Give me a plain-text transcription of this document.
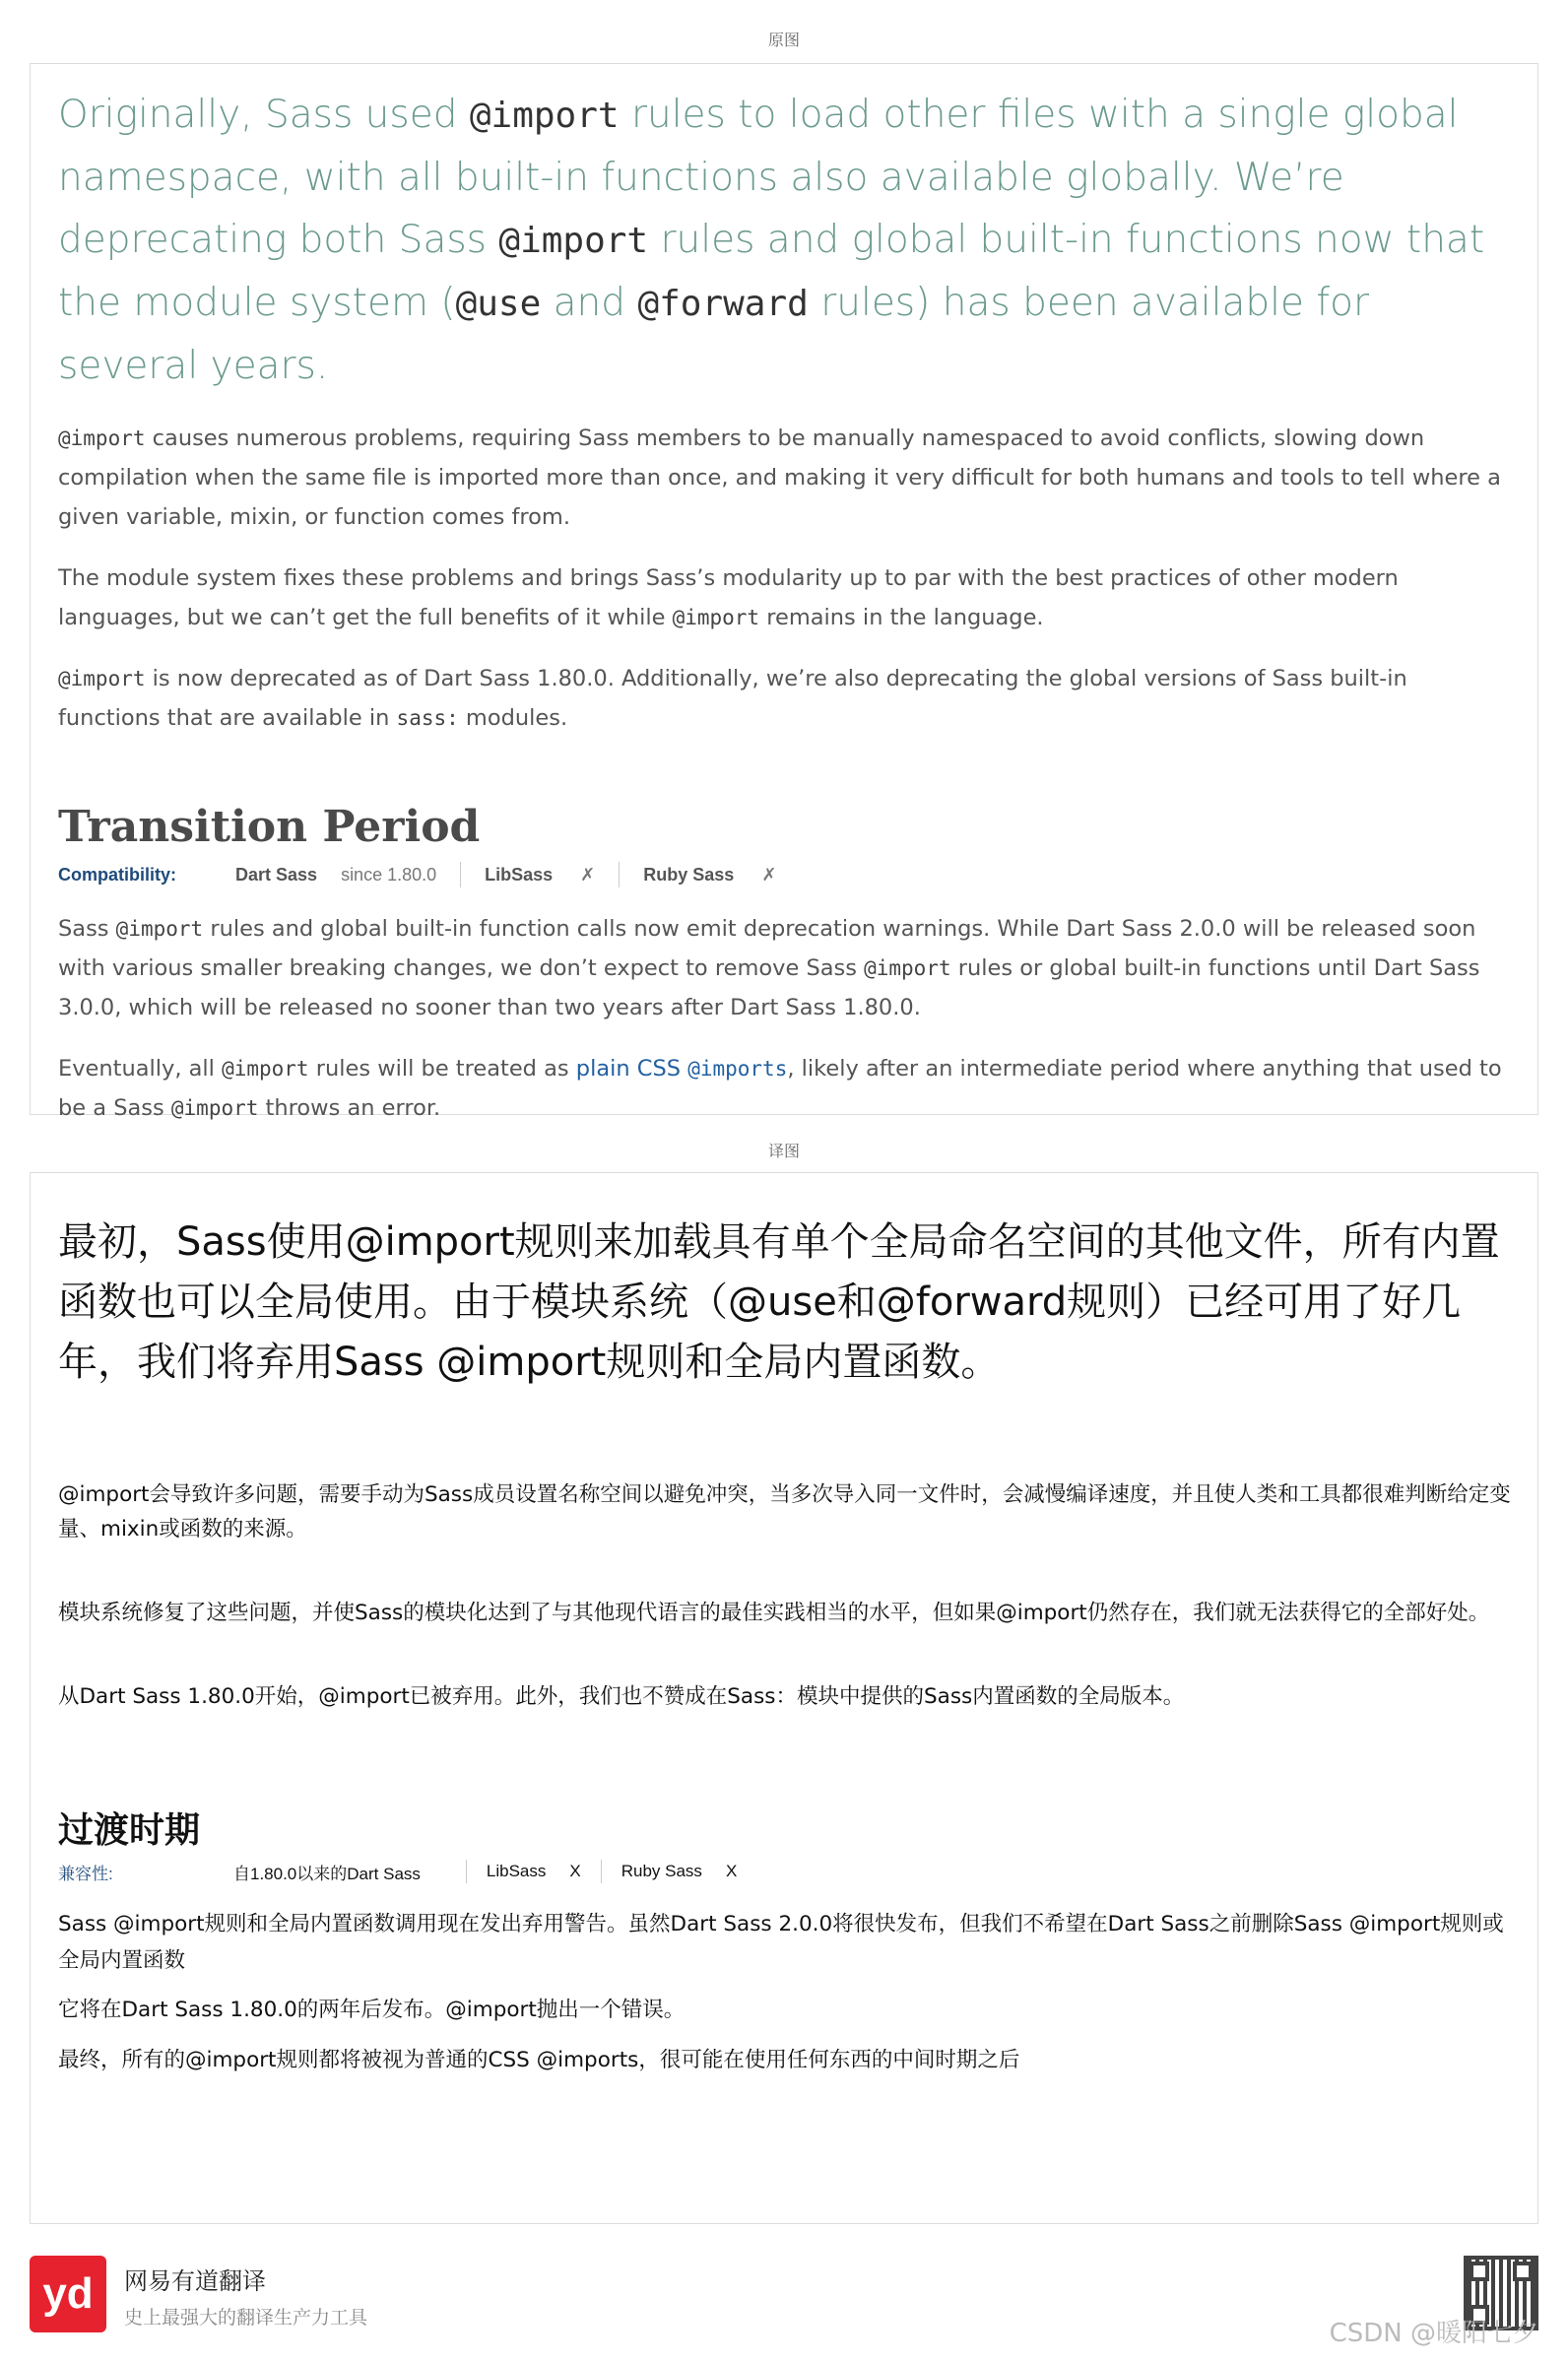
原图

Originally, Sass used @import rules to load other files with a single global namespace, with all built-in functions also available globally. We’re deprecating both Sass @import rules and global built-in functions now that the module system (@use and @forward rules) has been available for several years.

@import causes numerous problems, requiring Sass members to be manually namespaced to avoid conflicts, slowing down compilation when the same file is imported more than once, and making it very difficult for both humans and tools to tell where a given variable, mixin, or function comes from.

The module system fixes these problems and brings Sass’s modularity up to par with the best practices of other modern languages, but we can’t get the full benefits of it while @import remains in the language.

@import is now deprecated as of Dart Sass 1.80.0. Additionally, we’re also deprecating the global versions of Sass built-in functions that are available in sass: modules.

Transition Period
Compatibility:	Dart Sass since 1.80.0	LibSass ✗	Ruby Sass ✗

Sass @import rules and global built-in function calls now emit deprecation warnings. While Dart Sass 2.0.0 will be released soon with various smaller breaking changes, we don’t expect to remove Sass @import rules or global built-in functions until Dart Sass 3.0.0, which will be released no sooner than two years after Dart Sass 1.80.0.

Eventually, all @import rules will be treated as plain CSS @imports, likely after an intermediate period where anything that used to be a Sass @import throws an error.

译图

最初，Sass使用@import规则来加载具有单个全局命名空间的其他文件，所有内置函数也可以全局使用。由于模块系统（@use和@forward规则）已经可用了好几年，我们将弃用Sass @import规则和全局内置函数。

@import会导致许多问题，需要手动为Sass成员设置名称空间以避免冲突，当多次导入同一文件时，会减慢编译速度，并且使人类和工具都很难判断给定变量、mixin或函数的来源。

模块系统修复了这些问题，并使Sass的模块化达到了与其他现代语言的最佳实践相当的水平，但如果@import仍然存在，我们就无法获得它的全部好处。

从Dart Sass 1.80.0开始，@import已被弃用。此外，我们也不赞成在Sass：模块中提供的Sass内置函数的全局版本。

过渡时期
兼容性:	自1.80.0以来的Dart Sass	LibSass X Ruby Sass X

Sass @import规则和全局内置函数调用现在发出弃用警告。虽然Dart Sass 2.0.0将很快发布，但我们不希望在Dart Sass之前删除Sass @import规则或全局内置函数

它将在Dart Sass 1.80.0的两年后发布。@import抛出一个错误。

最终，所有的@import规则都将被视为普通的CSS @imports，很可能在使用任何东西的中间时期之后

yd	网易有道翻译
史上最强大的翻译生产力工具
CSDN @暖阳七夕
